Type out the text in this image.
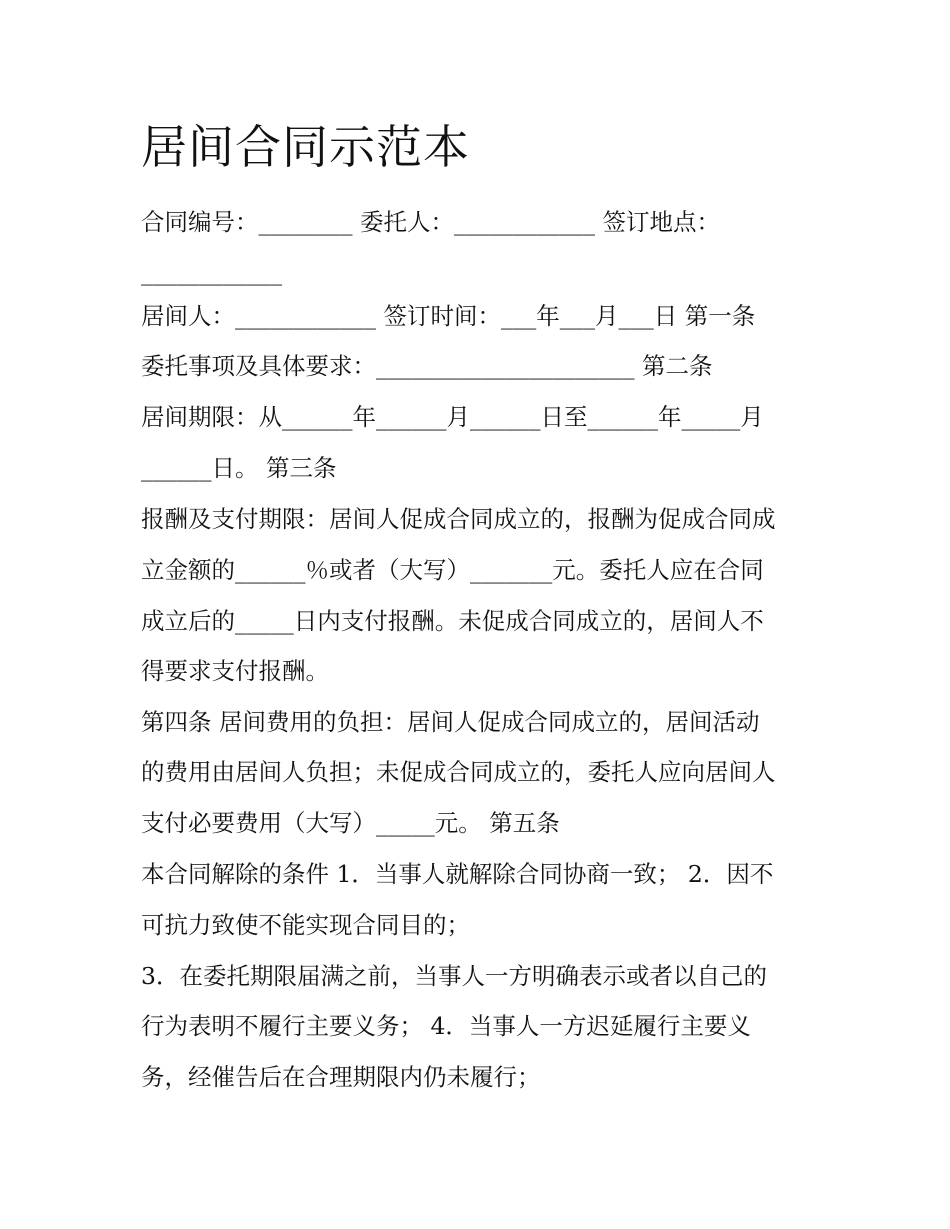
居间合同示范本
合同编号：________ 委托人：____________ 签订地点：
____________
居间人：____________ 签订时间：___年___月___日 第一条
委托事项及具体要求：______________________ 第二条
居间期限：从______年______月______日至______年_____月
______日。 第三条
报酬及支付期限：居间人促成合同成立的，报酬为促成合同成
立金额的______％或者（大写）_______元。委托人应在合同
成立后的_____日内支付报酬。未促成合同成立的，居间人不
得要求支付报酬。
第四条 居间费用的负担：居间人促成合同成立的，居间活动
的费用由居间人负担；未促成合同成立的，委托人应向居间人
支付必要费用（大写）_____元。 第五条
本合同解除的条件 1．当事人就解除合同协商一致； 2．因不
可抗力致使不能实现合同目的；
3．在委托期限届满之前，当事人一方明确表示或者以自己的
行为表明不履行主要义务； 4．当事人一方迟延履行主要义
务，经催告后在合理期限内仍未履行；
